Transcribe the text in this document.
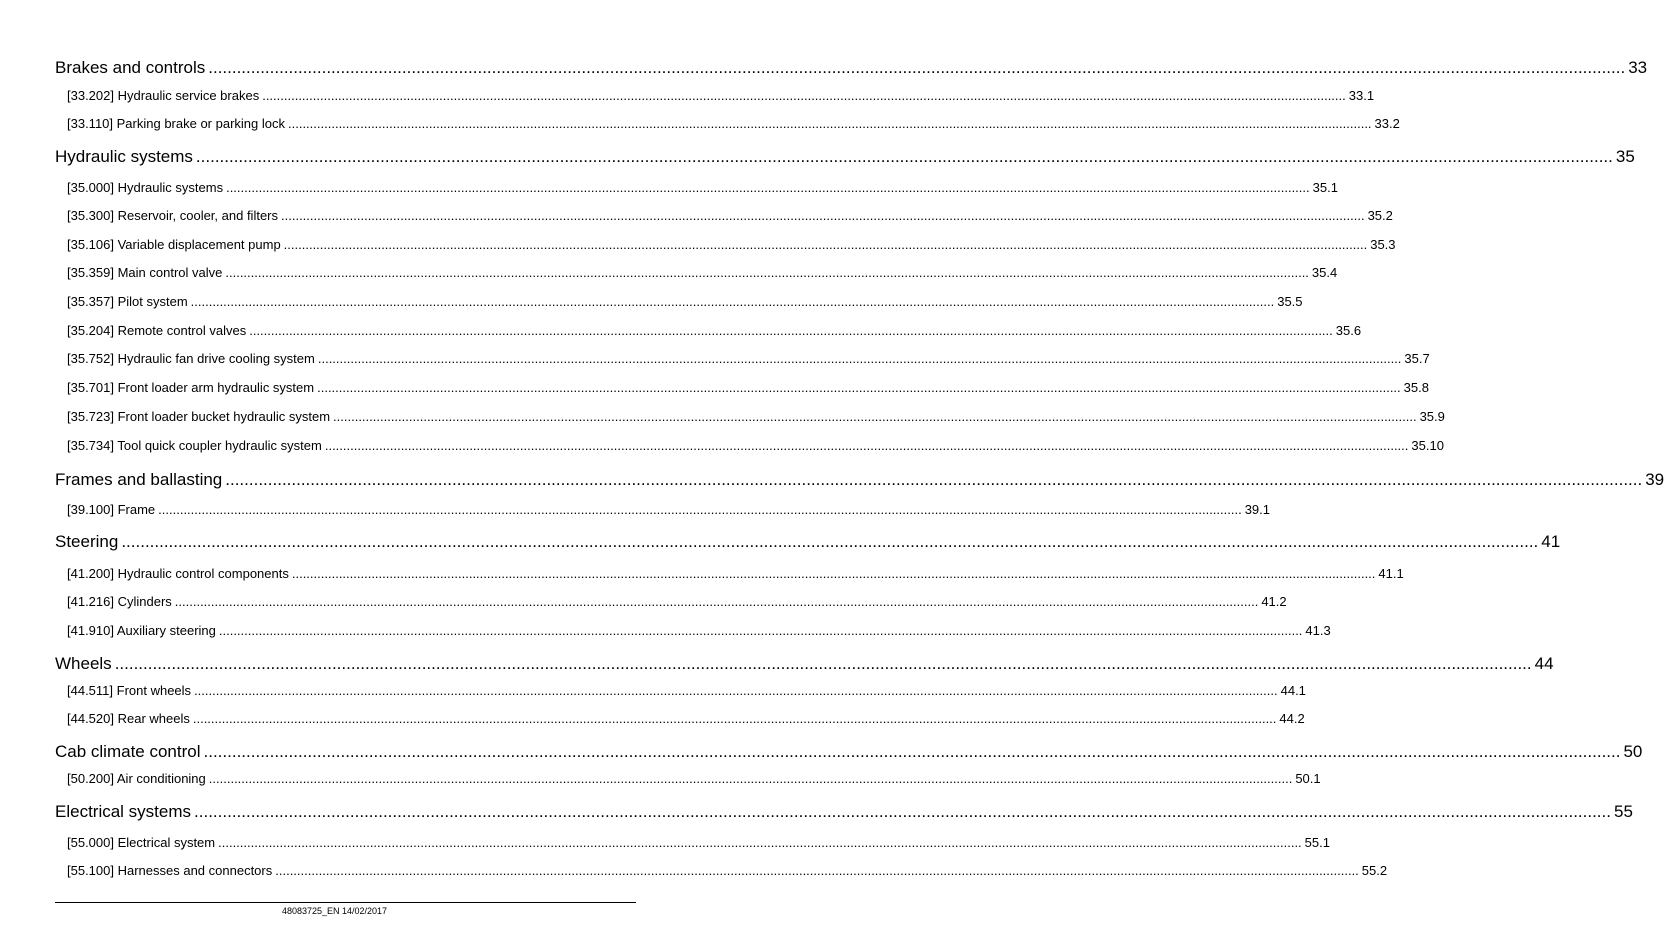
Brakes and controls ............................................................................................................................................................................................................................................................................................................ 33
[33.202] Hydraulic service brakes ............................................................................................................................................................................................................................................................................................................ 33.1
[33.110] Parking brake or parking lock ............................................................................................................................................................................................................................................................................................................ 33.2
Hydraulic systems ............................................................................................................................................................................................................................................................................................................ 35
[35.000] Hydraulic systems ............................................................................................................................................................................................................................................................................................................ 35.1
[35.300] Reservoir, cooler, and filters ............................................................................................................................................................................................................................................................................................................ 35.2
[35.106] Variable displacement pump ............................................................................................................................................................................................................................................................................................................ 35.3
[35.359] Main control valve ............................................................................................................................................................................................................................................................................................................ 35.4
[35.357] Pilot system ............................................................................................................................................................................................................................................................................................................ 35.5
[35.204] Remote control valves ............................................................................................................................................................................................................................................................................................................ 35.6
[35.752] Hydraulic fan drive cooling system ............................................................................................................................................................................................................................................................................................................ 35.7
[35.701] Front loader arm hydraulic system ............................................................................................................................................................................................................................................................................................................ 35.8
[35.723] Front loader bucket hydraulic system ............................................................................................................................................................................................................................................................................................................ 35.9
[35.734] Tool quick coupler hydraulic system ............................................................................................................................................................................................................................................................................................................ 35.10
Frames and ballasting ............................................................................................................................................................................................................................................................................................................ 39
[39.100] Frame ............................................................................................................................................................................................................................................................................................................ 39.1
Steering ............................................................................................................................................................................................................................................................................................................ 41
[41.200] Hydraulic control components ............................................................................................................................................................................................................................................................................................................ 41.1
[41.216] Cylinders ............................................................................................................................................................................................................................................................................................................ 41.2
[41.910] Auxiliary steering ............................................................................................................................................................................................................................................................................................................ 41.3
Wheels ............................................................................................................................................................................................................................................................................................................ 44
[44.511] Front wheels ............................................................................................................................................................................................................................................................................................................ 44.1
[44.520] Rear wheels ............................................................................................................................................................................................................................................................................................................ 44.2
Cab climate control ............................................................................................................................................................................................................................................................................................................ 50
[50.200] Air conditioning ............................................................................................................................................................................................................................................................................................................ 50.1
Electrical systems ............................................................................................................................................................................................................................................................................................................ 55
[55.000] Electrical system ............................................................................................................................................................................................................................................................................................................ 55.1
[55.100] Harnesses and connectors ............................................................................................................................................................................................................................................................................................................ 55.2
48083725_EN 14/02/2017
